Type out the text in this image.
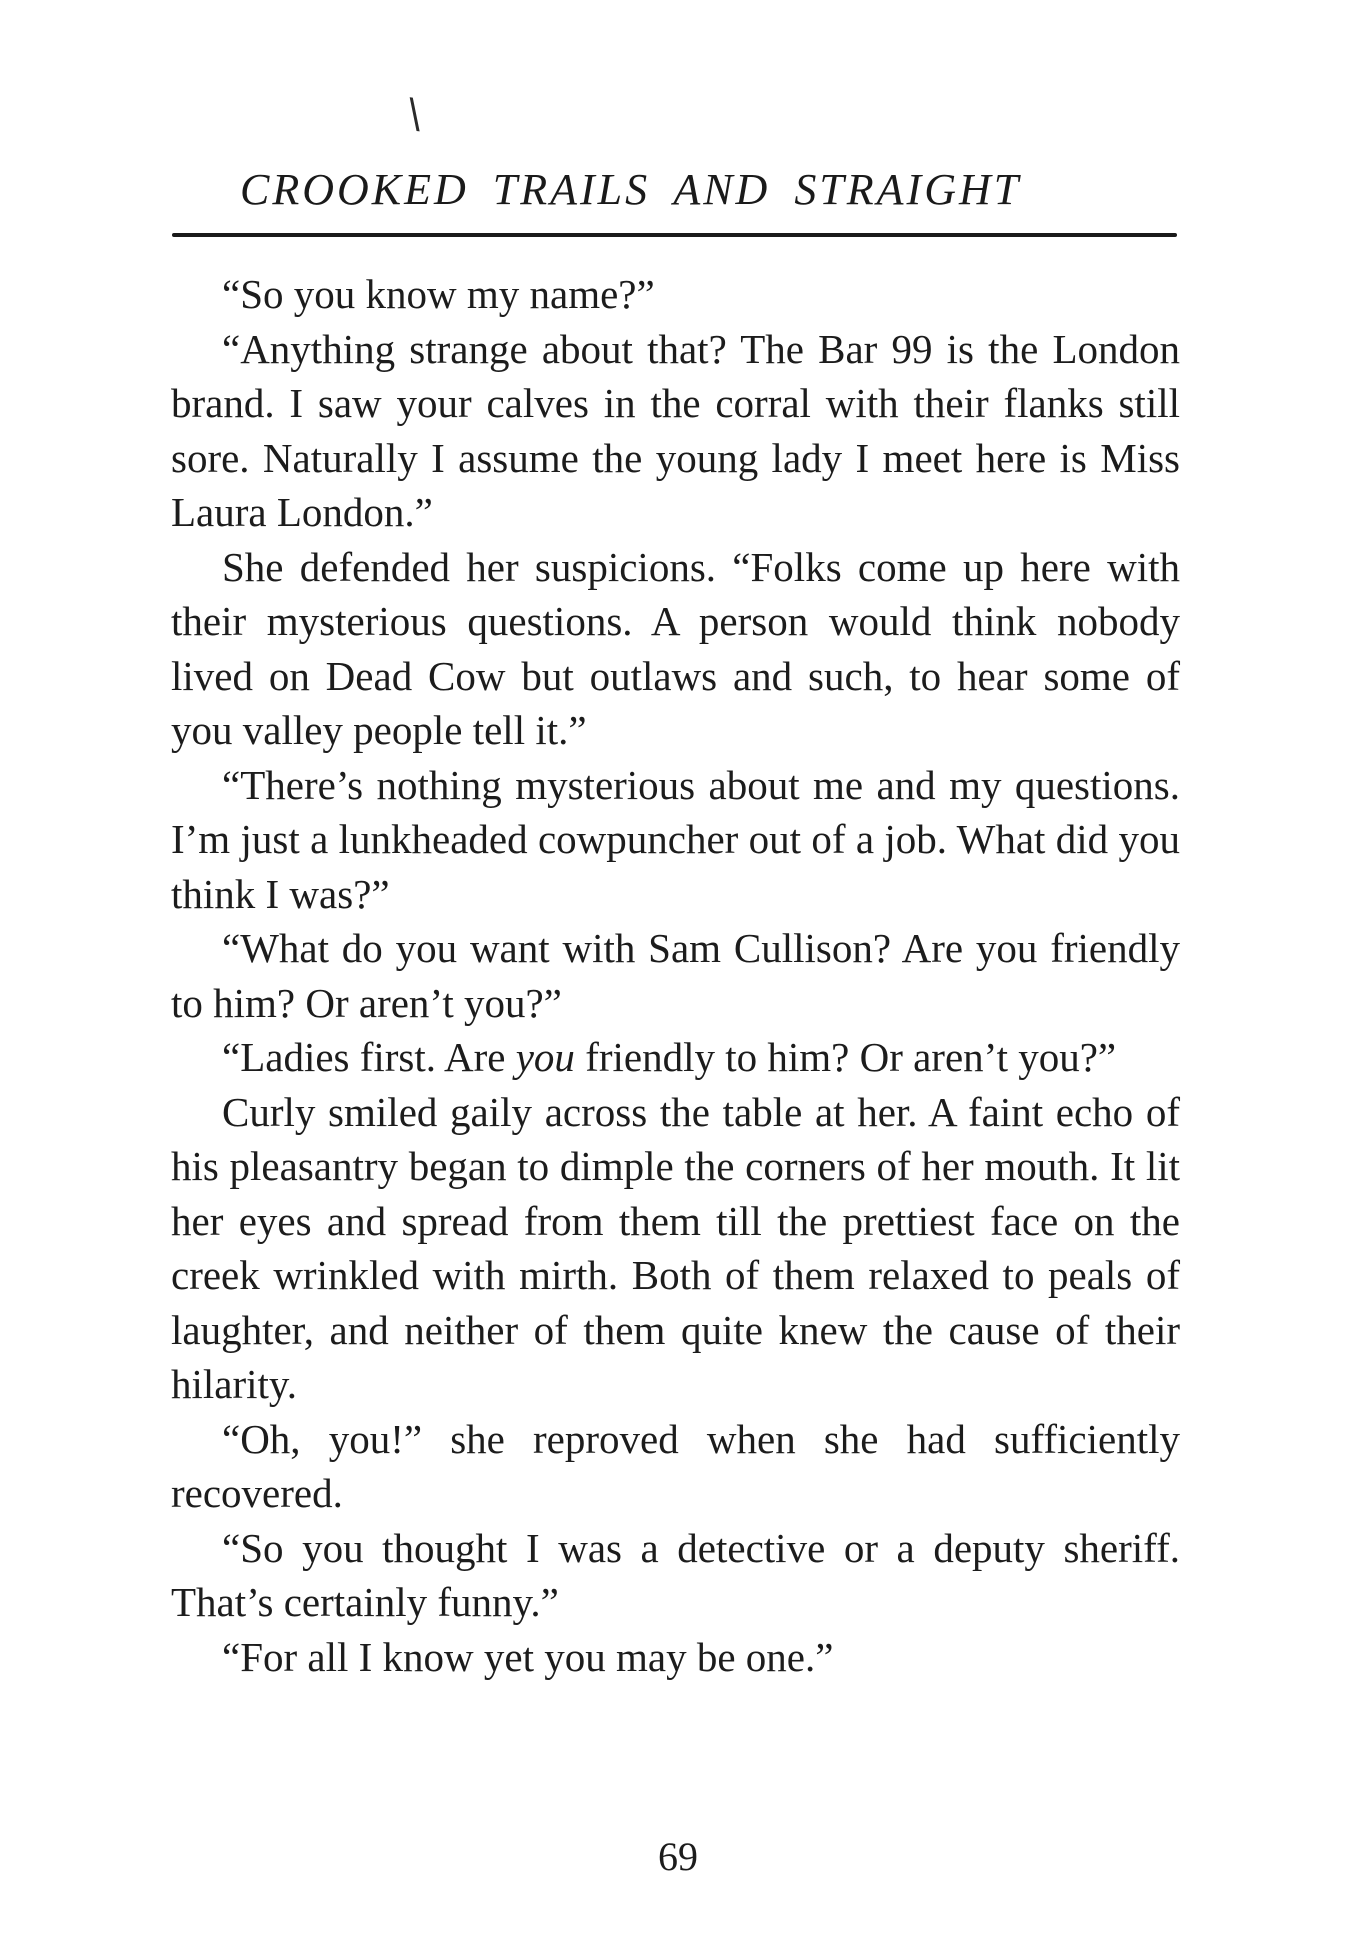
\
CROOKED TRAILS AND STRAIGHT

“So you know my name?”

“Anything strange about that? The Bar 99 is the London brand. I saw your calves in the corral with their flanks still sore. Naturally I assume the young lady I meet here is Miss Laura London.”

She defended her suspicions. “Folks come up here with their mysterious questions. A person would think nobody lived on Dead Cow but outlaws and such, to hear some of you valley people tell it.”

“There’s nothing mysterious about me and my questions. I’m just a lunkheaded cowpuncher out of a job. What did you think I was?”

“What do you want with Sam Cullison? Are you friendly to him? Or aren’t you?”

“Ladies first. Are you friendly to him? Or aren’t you?”

Curly smiled gaily across the table at her. A faint echo of his pleasantry began to dimple the corners of her mouth. It lit her eyes and spread from them till the prettiest face on the creek wrinkled with mirth. Both of them relaxed to peals of laughter, and neither of them quite knew the cause of their hilarity.

“Oh, you!” she reproved when she had sufficiently recovered.

“So you thought I was a detective or a deputy sheriff. That’s certainly funny.”

“For all I know yet you may be one.”

69
